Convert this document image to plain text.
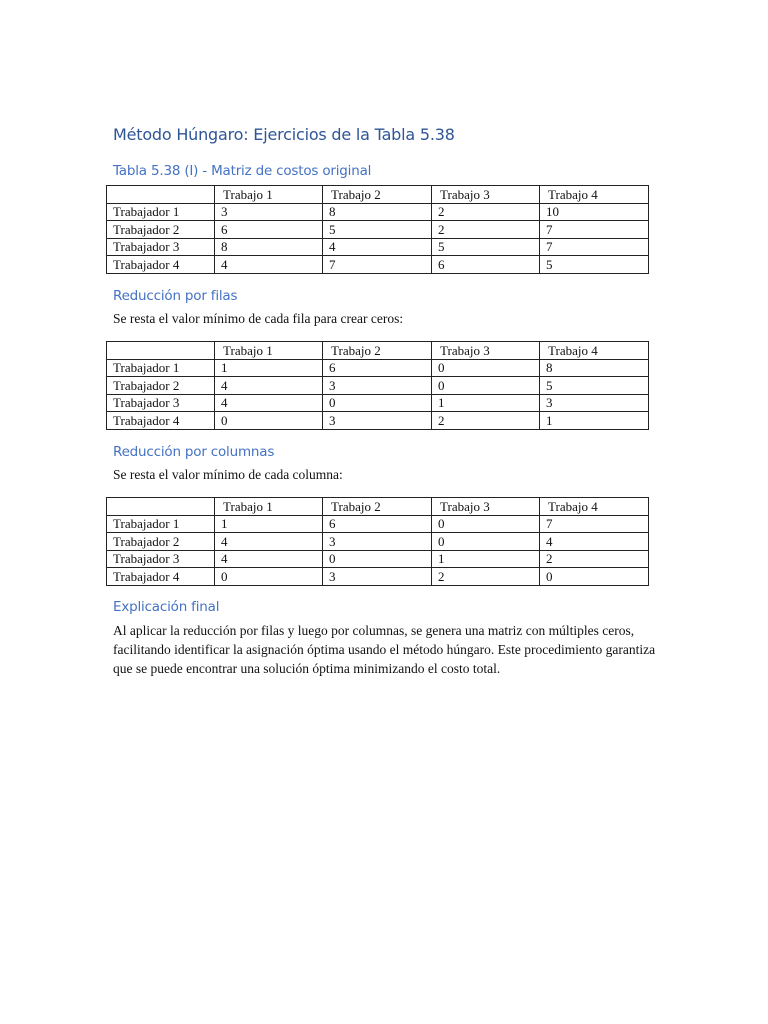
Método Húngaro: Ejercicios de la Tabla 5.38
Tabla 5.38 (I) - Matriz de costos original
	Trabajo 1	Trabajo 2	Trabajo 3	Trabajo 4
Trabajador 1	3	8	2	10
Trabajador 2	6	5	2	7
Trabajador 3	8	4	5	7
Trabajador 4	4	7	6	5
Reducción por filas

Se resta el valor mínimo de cada fila para crear ceros:

	Trabajo 1	Trabajo 2	Trabajo 3	Trabajo 4
Trabajador 1	1	6	0	8
Trabajador 2	4	3	0	5
Trabajador 3	4	0	1	3
Trabajador 4	0	3	2	1
Reducción por columnas

Se resta el valor mínimo de cada columna:

	Trabajo 1	Trabajo 2	Trabajo 3	Trabajo 4
Trabajador 1	1	6	0	7
Trabajador 2	4	3	0	4
Trabajador 3	4	0	1	2
Trabajador 4	0	3	2	0
Explicación final

Al aplicar la reducción por filas y luego por columnas, se genera una matriz con múltiples ceros, facilitando identificar la asignación óptima usando el método húngaro. Este procedimiento garantiza que se puede encontrar una solución óptima minimizando el costo total.
